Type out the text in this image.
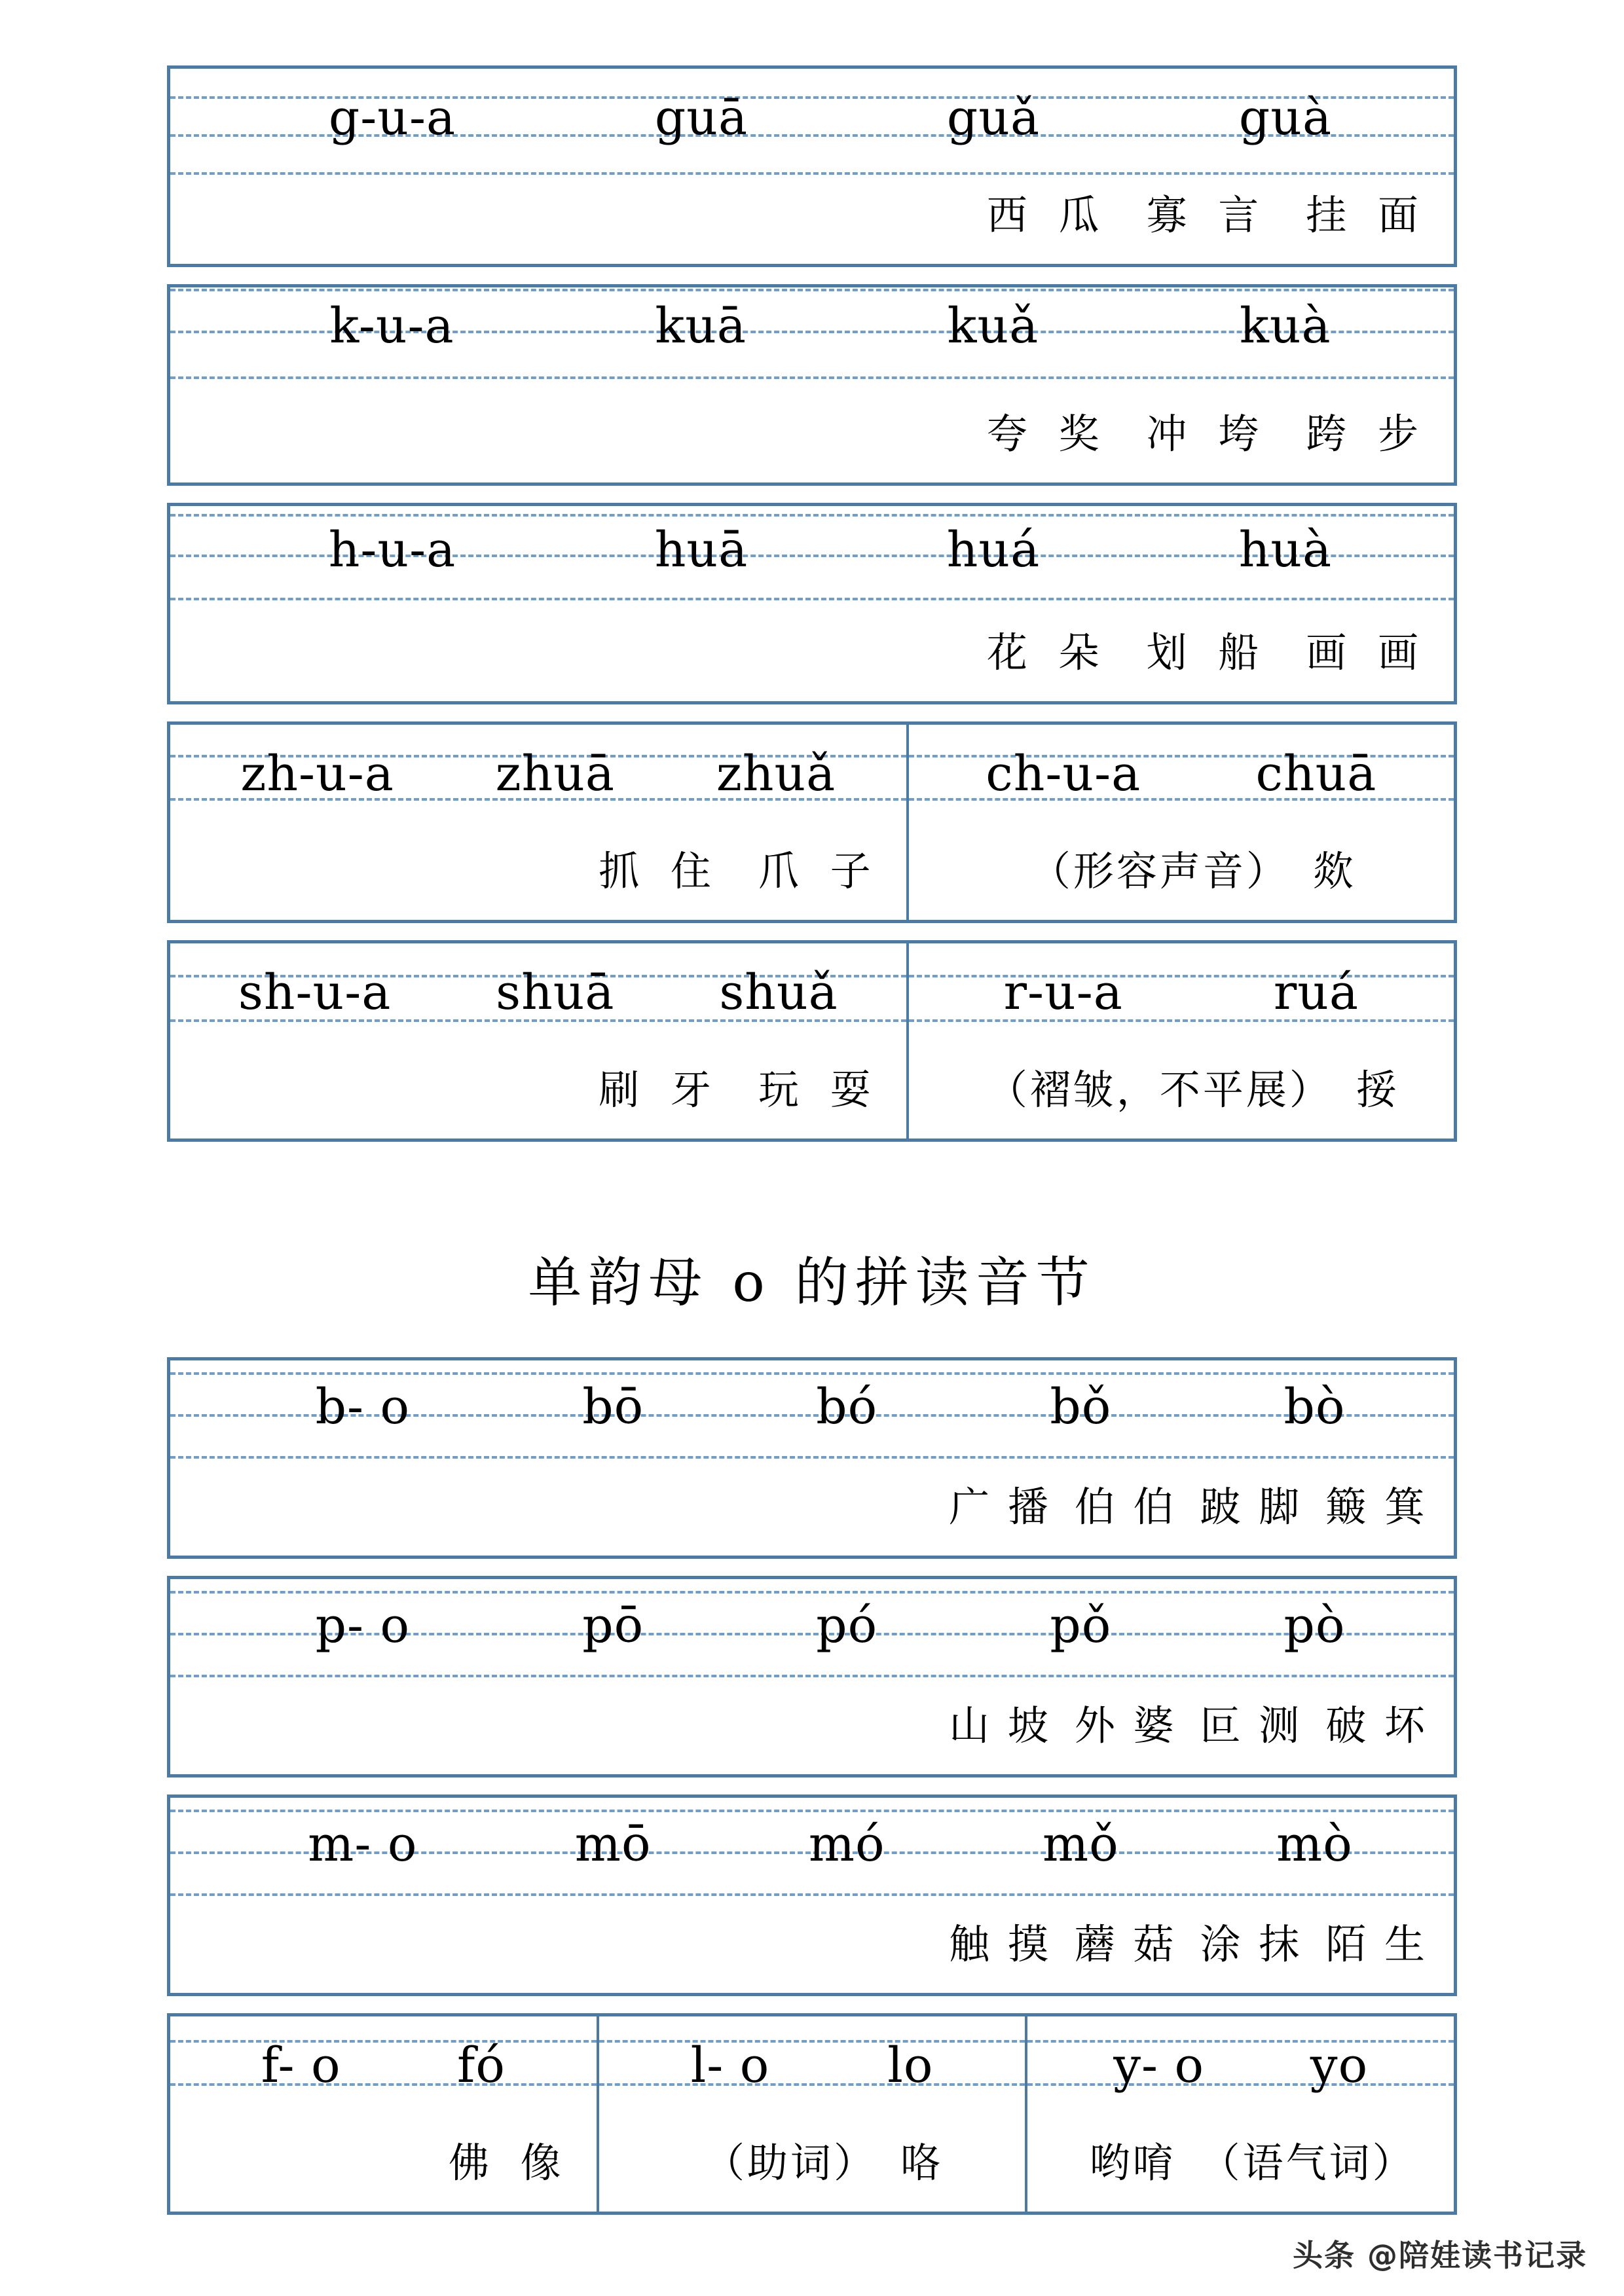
g-u-a	guā	guǎ	guà
西 瓜 寡 言 挂 面
k-u-a	kuā	kuǎ	kuà
夸 奖 冲 垮 跨 步
h-u-a	huā	huá	huà
花 朵 划 船 画 画
zh-u-a zhuā zhuǎ
抓 住 爪 子
ch-u-a chuā
（形容声音） 欻
sh-u-a shuā shuǎ
刷 牙 玩 耍
r-u-a	ruá
（褶皱，不平展） 挼
单韵母 o 的拼读音节
b- o	bō	bó	bǒ	bò
广 播 伯 伯 跛 脚 簸 箕
p- o	pō	pó	pǒ	pò
山 坡 外 婆 叵 测 破 坏
m- o	mō	mó	mǒ	mò
触 摸 蘑 菇 涂 抹 陌 生
f- o fó
佛 像
l- o lo
（助词） 咯
y- o yo
哟唷 （语气词）
头条 @陪娃读书记录
